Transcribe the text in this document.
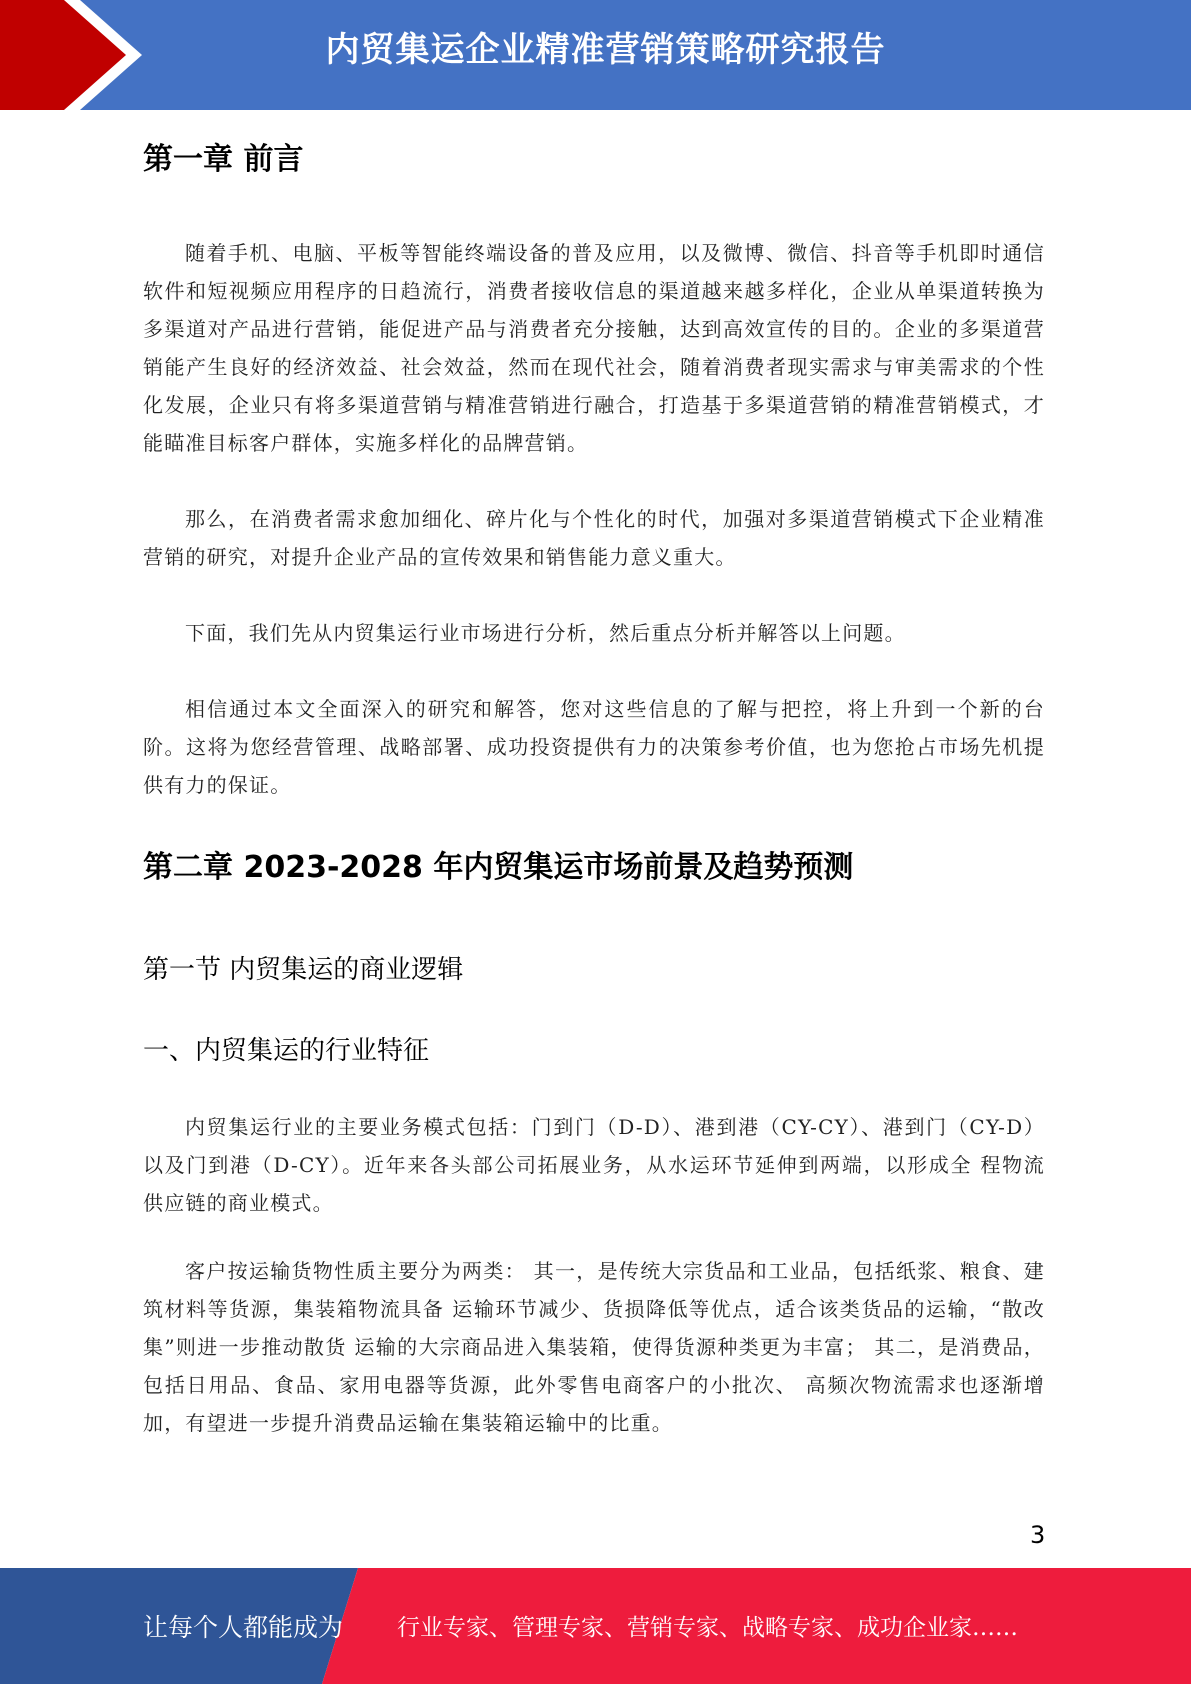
内贸集运企业精准营销策略研究报告
第一章 前言

随着手机、电脑、平板等智能终端设备的普及应用，以及微博、微信、抖音等手机即时通信软件和短视频应用程序的日趋流行，消费者接收信息的渠道越来越多样化，企业从单渠道转换为多渠道对产品进行营销，能促进产品与消费者充分接触，达到高效宣传的目的。企业的多渠道营销能产生良好的经济效益、社会效益，然而在现代社会，随着消费者现实需求与审美需求的个性化发展，企业只有将多渠道营销与精准营销进行融合，打造基于多渠道营销的精准营销模式，才能瞄准目标客户群体，实施多样化的品牌营销。

那么，在消费者需求愈加细化、碎片化与个性化的时代，加强对多渠道营销模式下企业精准营销的研究，对提升企业产品的宣传效果和销售能力意义重大。

下面，我们先从内贸集运行业市场进行分析，然后重点分析并解答以上问题。

相信通过本文全面深入的研究和解答，您对这些信息的了解与把控，将上升到一个新的台阶。这将为您经营管理、战略部署、成功投资提供有力的决策参考价值，也为您抢占市场先机提供有力的保证。

第二章 2023-2028 年内贸集运市场前景及趋势预测
第一节 内贸集运的商业逻辑
一、内贸集运的行业特征

内贸集运行业的主要业务模式包括：门到门（D-D）、港到港（CY-CY）、港到门（CY-D） 以及门到港（D-CY）。近年来各头部公司拓展业务，从水运环节延伸到两端，以形成全 程物流供应链的商业模式。

客户按运输货物性质主要分为两类： 其一，是传统大宗货品和工业品，包括纸浆、粮食、建筑材料等货源，集装箱物流具备 运输环节减少、货损降低等优点，适合该类货品的运输，“散改集”则进一步推动散货 运输的大宗商品进入集装箱，使得货源种类更为丰富； 其二，是消费品，包括日用品、食品、家用电器等货源，此外零售电商客户的小批次、 高频次物流需求也逐渐增加，有望进一步提升消费品运输在集装箱运输中的比重。

3
让每个人都能成为 行业专家、管理专家、营销专家、战略专家、成功企业家……
